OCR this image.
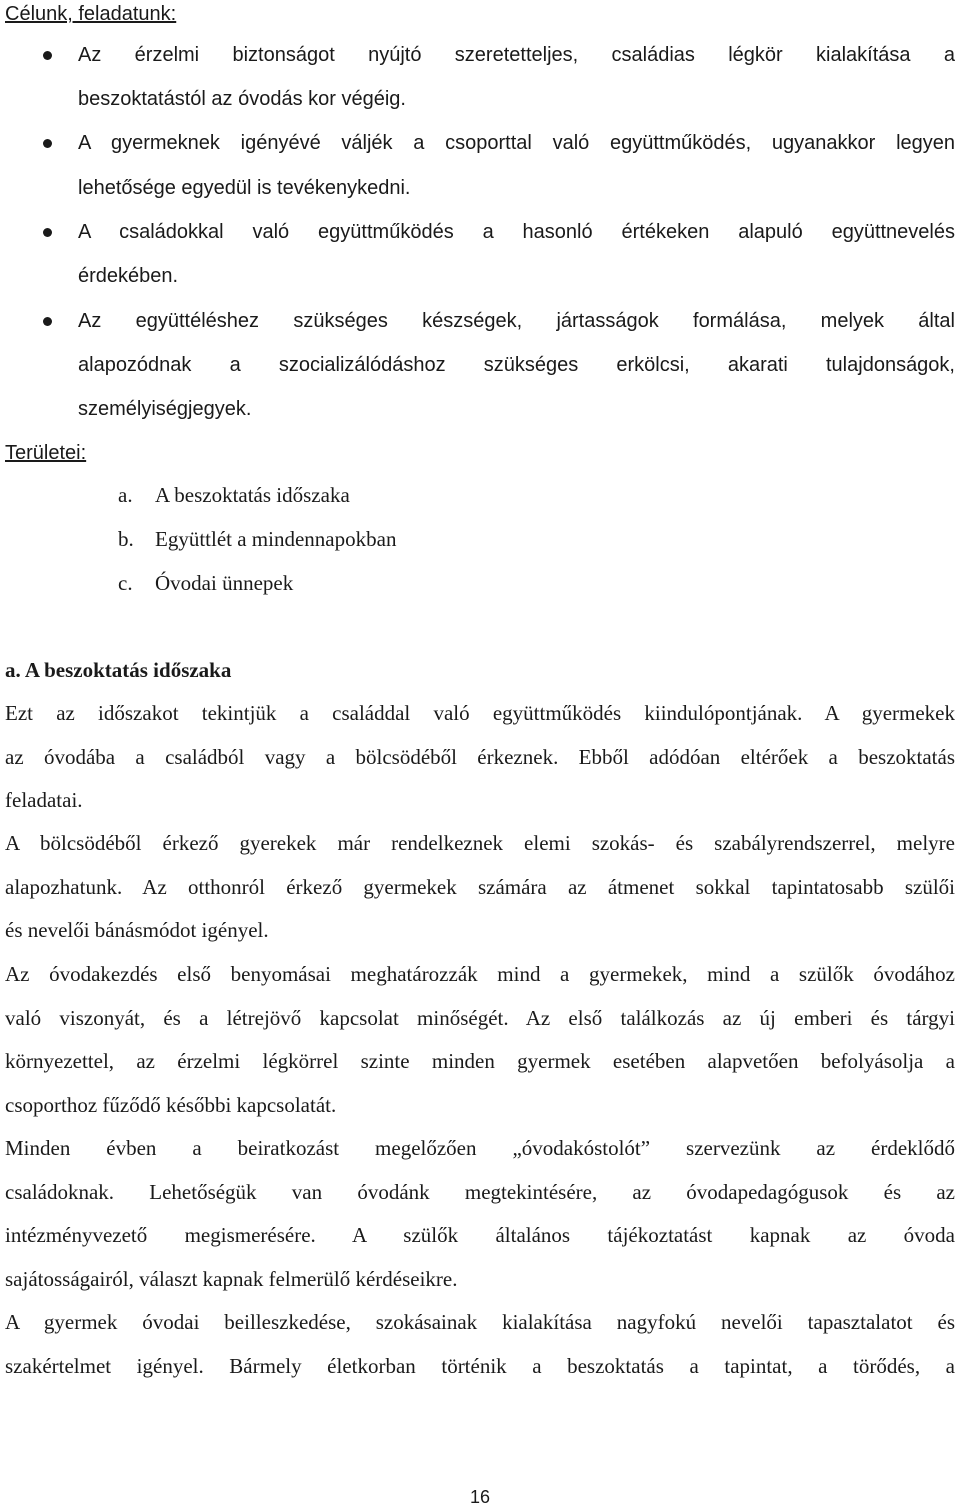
Célunk, feladatunk:
Az érzelmi biztonságot nyújtó szeretetteljes, családias légkör kialakítása a
beszoktatástól az óvodás kor végéig.
A gyermeknek igényévé váljék a csoporttal való együttműködés, ugyanakkor legyen
lehetősége egyedül is tevékenykedni.
A családokkal való együttműködés a hasonló értékeken alapuló együttnevelés
érdekében.
Az együttéléshez szükséges készségek, jártasságok formálása, melyek által
alapozódnak a szocializálódáshoz szükséges erkölcsi, akarati tulajdonságok,
személyiségjegyek.
Területei:
a. A beszoktatás időszaka
b. Együttlét a mindennapokban
c. Óvodai ünnepek
a. A beszoktatás időszaka
Ezt az időszakot tekintjük a családdal való együttműködés kiindulópontjának. A gyermekek
az óvodába a családból vagy a bölcsödéből érkeznek. Ebből adódóan eltérőek a beszoktatás
feladatai.
A bölcsödéből érkező gyerekek már rendelkeznek elemi szokás- és szabályrendszerrel, melyre
alapozhatunk. Az otthonról érkező gyermekek számára az átmenet sokkal tapintatosabb szülői
és nevelői bánásmódot igényel.
Az óvodakezdés első benyomásai meghatározzák mind a gyermekek, mind a szülők óvodához
való viszonyát, és a létrejövő kapcsolat minőségét. Az első találkozás az új emberi és tárgyi
környezettel, az érzelmi légkörrel szinte minden gyermek esetében alapvetően befolyásolja a
csoporthoz fűződő későbbi kapcsolatát.
Minden évben a beiratkozást megelőzően „óvodakóstolót” szervezünk az érdeklődő
családoknak. Lehetőségük van óvodánk megtekintésére, az óvodapedagógusok és az
intézményvezető megismerésére. A szülők általános tájékoztatást kapnak az óvoda
sajátosságairól, választ kapnak felmerülő kérdéseikre.
A gyermek óvodai beilleszkedése, szokásainak kialakítása nagyfokú nevelői tapasztalatot és
szakértelmet igényel. Bármely életkorban történik a beszoktatás a tapintat, a törődés, a
16
